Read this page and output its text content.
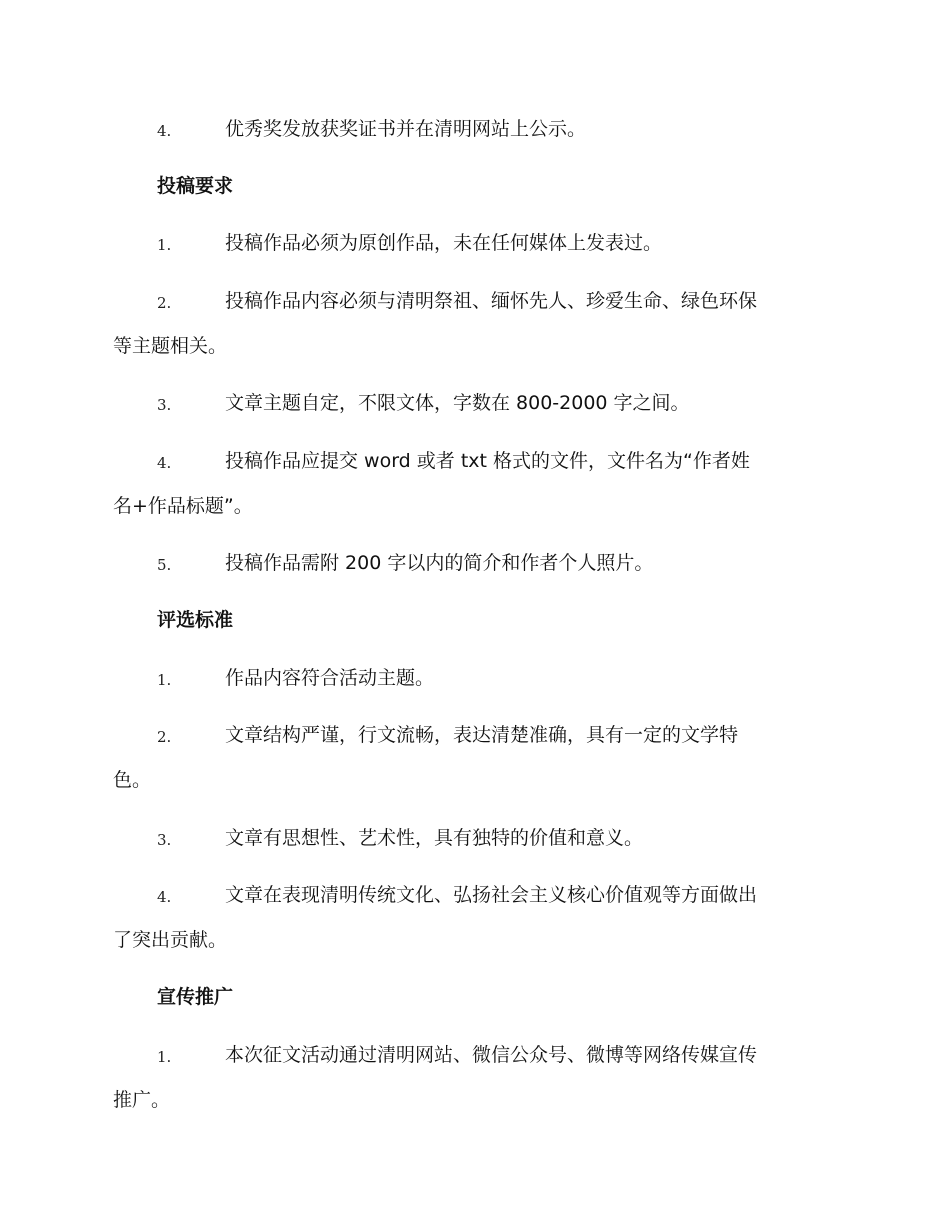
4.	优秀奖发放获奖证书并在清明网站上公示。
投稿要求
1.	投稿作品必须为原创作品，未在任何媒体上发表过。
2.	投稿作品内容必须与清明祭祖、缅怀先人、珍爱生命、绿色环保
等主题相关。
3.	文章主题自定，不限文体，字数在 800-2000 字之间。
4.	投稿作品应提交 word 或者 txt 格式的文件，文件名为“作者姓
名+作品标题”。
5.	投稿作品需附 200 字以内的简介和作者个人照片。
评选标准
1.	作品内容符合活动主题。
2.	文章结构严谨，行文流畅，表达清楚准确，具有一定的文学特
色。
3.	文章有思想性、艺术性，具有独特的价值和意义。
4.	文章在表现清明传统文化、弘扬社会主义核心价值观等方面做出
了突出贡献。
宣传推广
1.	本次征文活动通过清明网站、微信公众号、微博等网络传媒宣传
推广。
